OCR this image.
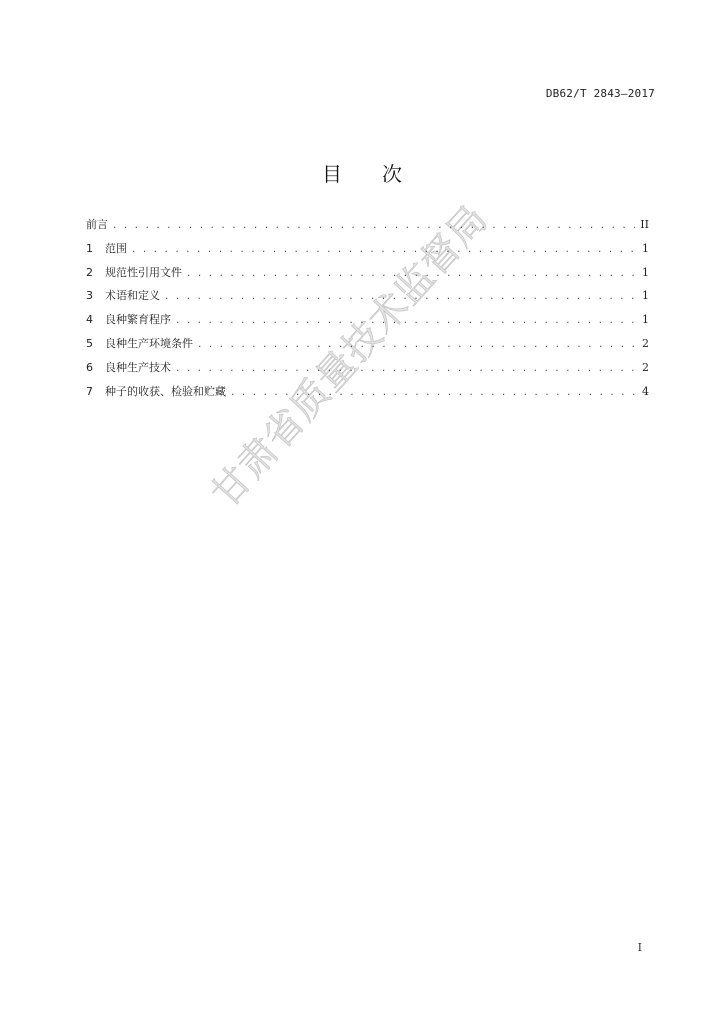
DB62/T 2843—2017
目 次
前言 . . .	II
1	范围 . . .	1
2	规范性引用文件 . . .	1
3	术语和定义 . . .	1
4	良种繁育程序 . . .	1
5	良种生产环境条件 . . .	2
6	良种生产技术 . . .	2
7	种子的收获、检验和贮藏 . . .	4
甘肃省质量技术监督局
I
